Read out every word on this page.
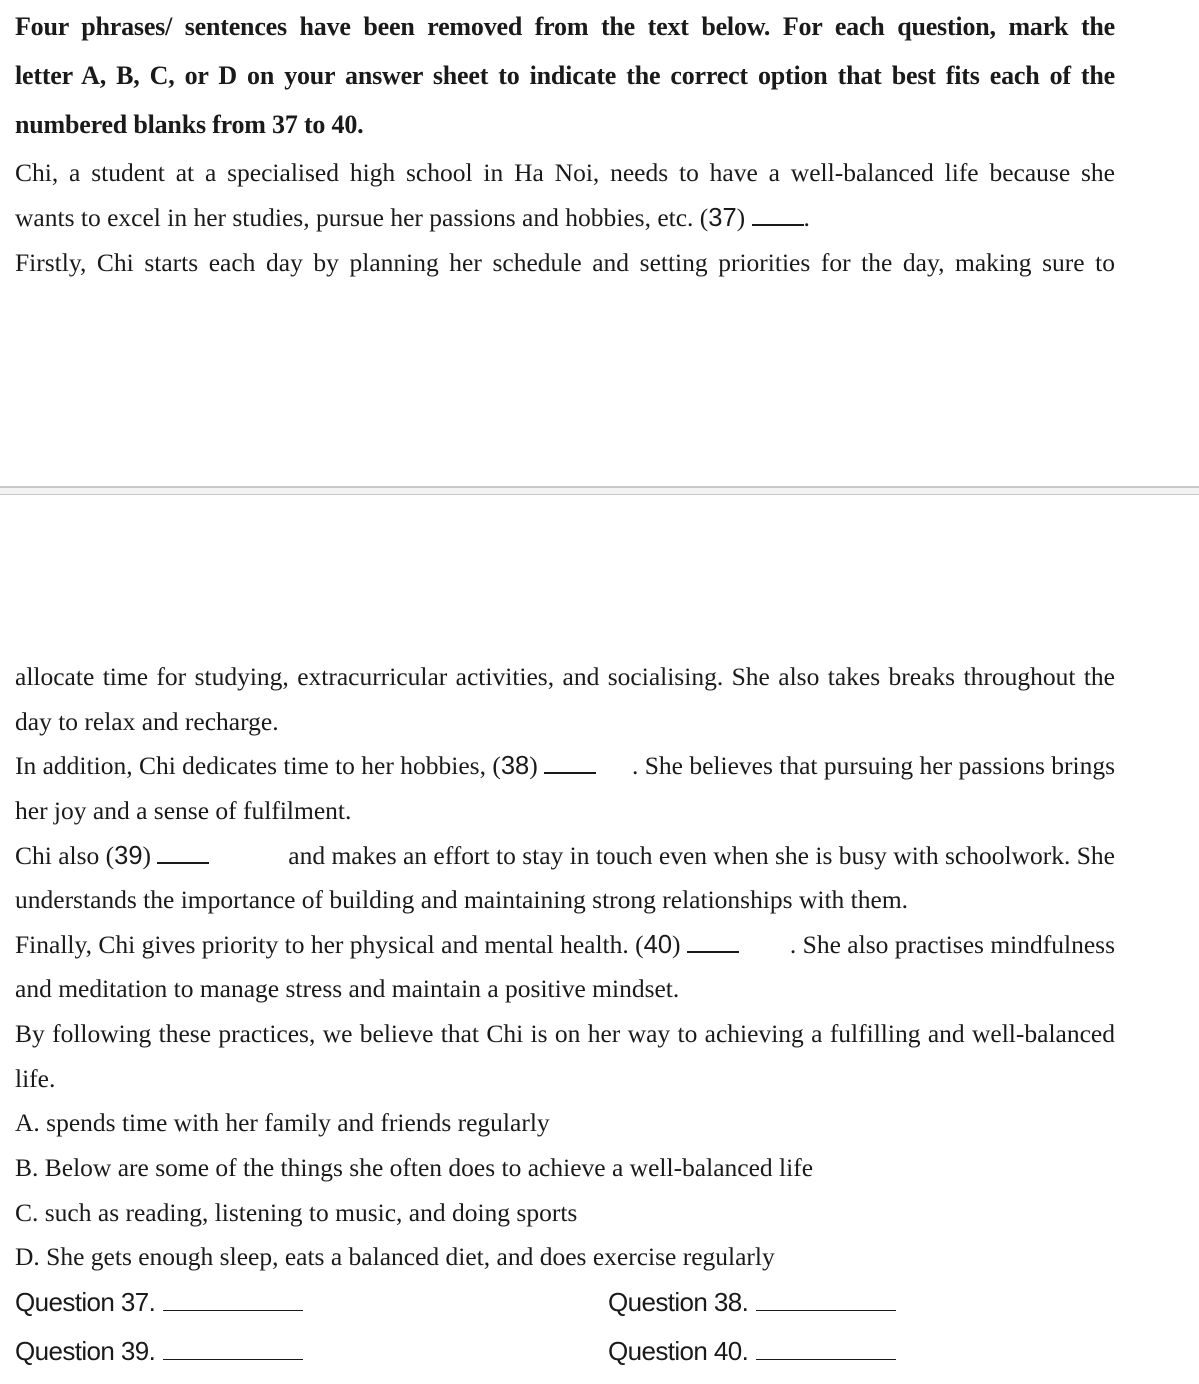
Four phrases/ sentences have been removed from the text below. For each question, mark the
letter A, B, C, or D on your answer sheet to indicate the correct option that best fits each of the
numbered blanks from 37 to 40.
Chi, a student at a specialised high school in Ha Noi, needs to have a well-balanced life because she
wants to excel in her studies, pursue her passions and hobbies, etc. (37) .
Firstly, Chi starts each day by planning her schedule and setting priorities for the day, making sure to
allocate time for studying, extracurricular activities, and socialising. She also takes breaks throughout the
day to relax and recharge.
In addition, Chi dedicates time to her hobbies, (38)	. She believes that pursuing her passions brings
her joy and a sense of fulfilment.
Chi also (39)	and makes an effort to stay in touch even when she is busy with schoolwork. She
understands the importance of building and maintaining strong relationships with them.
Finally, Chi gives priority to her physical and mental health. (40)	. She also practises mindfulness
and meditation to manage stress and maintain a positive mindset.
By following these practices, we believe that Chi is on her way to achieving a fulfilling and well-balanced
life.
A. spends time with her family and friends regularly
B. Below are some of the things she often does to achieve a well-balanced life
C. such as reading, listening to music, and doing sports
D. She gets enough sleep, eats a balanced diet, and does exercise regularly
Question 37.	Question 38.
Question 39.	Question 40.
